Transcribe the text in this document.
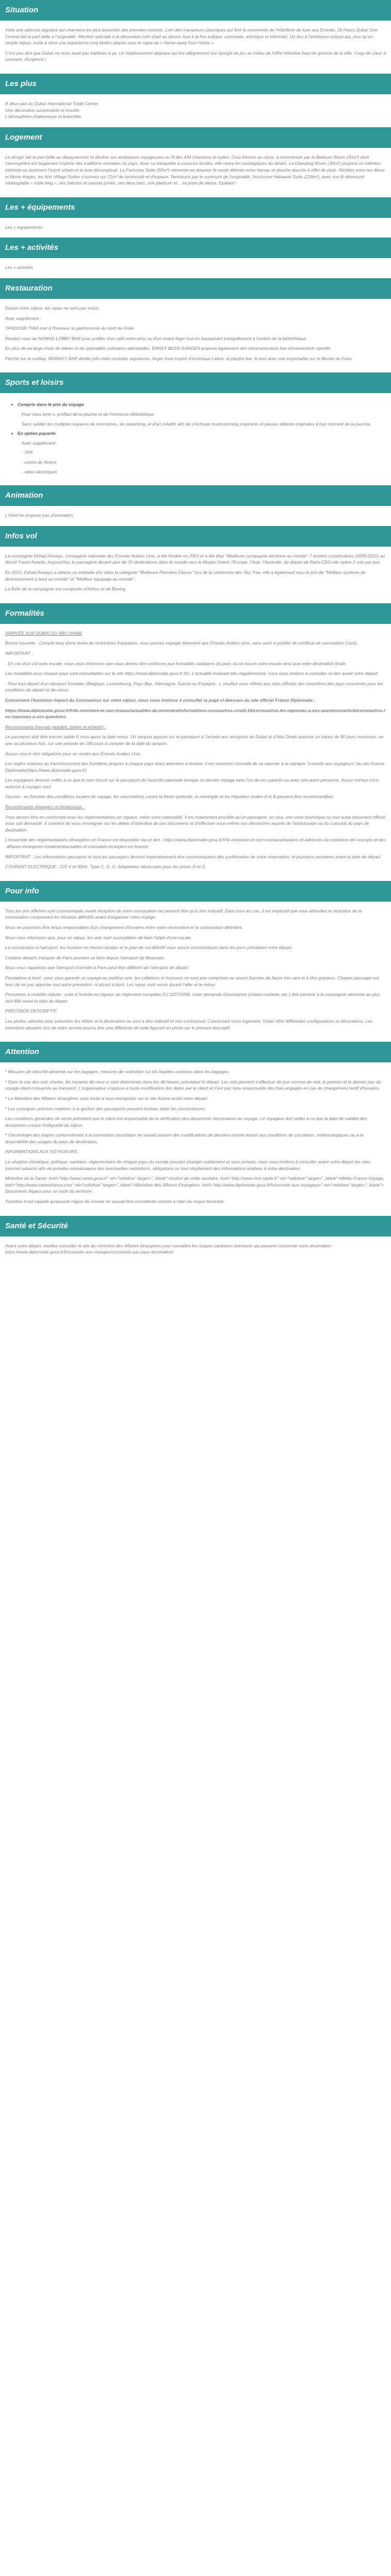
Situation

Voilà une adresse atypique qui charmera les plus branchés des premiers instants. Loin des marqueurs classiques qui font la renommée de l'hôtellerie de luxe aux Émirats, 25 Hours Dubaï One Central fait la part belle à l'originalité. Mention spéciale à la décoration (clin d'œil au désert, tout à la fois ludique, conviviale, artistique et intimiste). Un lieu à l'ambiance unique qui, plus qu'un simple séjour, invite à vivre une expérience cinq étoiles placée sous le signe du « Home away from Home ».

C'est peu dire que Dubaï ne nous avait pas habitués à ça. Un établissement atypique qui tire allègrement son épingle du jeu au milieu de l'offre hôtelière haut de gamme de la ville. Coup de cœur à savourer, d'urgence !

Les plus
À deux pas du Dubaï International Trade Center
Une décoration surprenante et insolite
L'atmosphère chaleureuse et branchée
Logement

Le design fait la part belle au dépaysement et décline ses ambiances voyageuses au fil des 434 chambres et suites. Cinq thèmes au choix, à commencer par le Bedouin Room (30m²) dont l'atmosphère est largement inspirée des traditions nomades du pays. Avec sa banquette à coussins brodés, elle ravira les nostalgiques du désert. La Glamping Room (30m²) propose un intérieur intimiste où dominent l'esprit urbain et le luxe décomplexé. La Farmstay Suite (50m²) réinvente en douceur le mode détente entre hamac et douche douche à effet de pluie. Nichées entre les 4ème et 6ème étages, les Arts Village Suites s'ouvrent sur 72m² de luminosité et d'espace. Terminons par le summum de l'originalité, l'exclusive Hakawati Suite (228m²), avec son lit démesuré rotatingtable « triple king », ses balcons et saunas privés, ses deux bars, son platinum et... sa piste de danse. Epatant !

Les + équipements
Les + équipements
Les + activités
Les + activités
Restauration

Durant votre séjour, les repas ne sont pas inclus.

Avec supplément :

TANDOOR TIWA met à l'honneur la gastronomie du nord de l'Inde.

Rendez-vous au NOMAD LOBBY BAR pour profiter d'un café entre amis ou d'un snack léger tout en bouquinant tranquillement à l'ombre de la bibliothèque.

En plus de sa large choix de bières et de spécialités culinaires allemandes, ERNST BEER GARDEN propose également des retransmissions live d'événements sportifs.

Perché sur le rooftop, MONKEY BAR distille jolis mélo cocktails signatures, finger food inspiré d'Amérique Latine, et playlist live, le tout avec vue imprenable sur le Musée du Futur.

Sports et loisirs
• Compris dans le prix du voyage
Pour vous tonir-s, profitez de la piscine et de l'immense bibliothèque.
Sans oublier les multiples espaces de rencontres, de coworking, et d'art créatifs afin de s'échouer brainstorming inspirants et passes détente originales à tout moment de la journée.
• En option payante
Avec supplément :
- SPA
- centre de fitness
- vélos électriques
Animation
L'hôtel ne propose pas d'animation.
Infos vol

La compagnie Etihad Airways, compagnie nationale des Émirats Arabes Unis, a été fondée en 2003 et a été élue "Meilleure compagnie aérienne au monde" 7 années consécutives (2009-2015) au World Travel Awards. Aujourd'hui, le passagère devant plus de 70 destinations dans le monde vers le Moyen Orient, l'Europe, l'Asie, l'Australie, du départ de Paris-CDG elle opère 2 vols par jour.

En 2015, Etihad Airways a obtenu sa médaille d'or dans la catégorie "Meilleure Première Classe" lors de la cérémonie des Sky Trax, elle a également reçu le prix de "Meilleur système de divertissement à bord au monde" et "Meilleur équipage au monde".

La flotte de la compagnie est composée d'Airbus et de Boeing.

Formalités

ARRIVÉE SUR DUBAÏ OU ABU DHABI

Bonne nouvelle : Compte tenu d'une levée de restrictions françaises, vous pouvez voyager librement aux Émirats Arabes Unis, sans avoir à justifier de certificat de vaccination Covid.

IMPORTANT :

- En cas d'un vol avec escale, nous vous informons que vous devrez être conforme aux formalités sanitaires du pays où se trouve votre escale ainsi que votre destination finale.

Les modalités pour chaque pays sont consultables sur le site https://www.diplomatie.gouv.fr (fr). L'actualité évoluant très régulièrement, nous vous invitons à consulter ce lien avant votre départ.

- Pour tout départ d'un aéroport frontalier (Belgique, Luxembourg, Pays-Bas, Allemagne, Suisse ou Espagne...), veuillez vous référer aux sites officiels des ministères des pays concernés pour les conditions de départ et de retour.

Concernant l'évolution impact du Coronavirus sur votre séjour, nous vous invitons à consulter la page ci-dessous du site officiel France Diplomatie :

https://www.diplomatie.gouv.fr/fr/le-ministere-et-son-reseau/actualites-du-ministere/informations-coronavirus-covid-19/coronavirus-les-reponses-a-vos-questions/article/coronavirus-les-reponses-a-vos-questions

Ressortissants français (adultes, bébés et enfants) :

Le passeport doit être encore valide 6 mois après la date retour. Un tampon apposé sur le passeport à l'arrivée aux aéroports de Dubaï et d'Abu Dhabi autorise un séjour de 90 jours maximum, en une ou plusieurs fois, sur une période de 180 jours à compter de la date du tampon.

Aucun visa in-ritol obligatoire pour se rendre aux Émirats Arabes Unis.

Les règles relatives au franchissement des frontières propres à chaque pays étant amenées à évoluer, il est vivement conseillé de se reporter à la rubrique "conseils aux voyageurs" du site France Diplomatie(https://www.diplomatie.gouv.fr)

Les voyageurs devront veiller à ce que le nom inscrit sur le passeport de l'autorité parentale lorsque ce dernier voyage sans l'un de ses parents ou avec une autre personne. Aucun mineur n'est autorisé à voyager seul.

Vaccins : en fonction des conditions locales de voyage, les vaccinations contre la fièvre typhoïde, la méningite et les hépatites virales A et B peuvent être recommandées.

Ressortissants étrangers et binationaux :

Vous devrez être en conformité avec les réglementations en vigueur, selon votre nationalité. Il est notamment possible qu'un passeport, un visa, une carte touristique ou tout autre document officiel vous soit demandé. Il convient de vous renseigner sur les délais d'obtention de ces documents et d'effectuer vous-même vos démarches auprès de l'ambassade ou du consulat du pays de destination.

L'ensemble des réglementations étrangères en France est disponible via ce lien : https://www.diplomatie.gouv.fr/fr/le-ministere-et-son-reseau/annuaires-et-adresses-du-ministere-de-l-europe-et-des-affaires-etrangeres-meae/ambassades-et-consulats-etrangers-en-france/

IMPORTANT : Les informations passeport et visa les passagers devront impérativement être communiquées dès confirmation de votre réservation, et plusieurs semaines avant la date de départ.

COURANT ELECTRIQUE : 220 V et 50Hz. Type C, G, G. Adaptateur nécessaire pour les prises D et G.

Pour info

Tous les prix affichés sont communiqués avant réception de votre convocation ne peuvent être qu'à titre indicatif. Dans tous les cas, il est impératif que vous attendiez la réception de la convocation comprenant les horaires définitifs avant d'organiser votre voyage.

Nous ne pourrions être tenus responsables d'un changement d'horaires entre votre réservation et la convocation définitive.

Nous vous informons que, pour ce séjour, les vols sont susceptibles de faire l'objet d'une escale.

La convocation à l'aéroport, les horaires en heures locales et le plan de vol définitif vous seront communiqués dans les jours précédant votre départ.

Certains départs tranquils de Paris peuvent se faire depuis l'aéroport de Beauvais.

Nous vous rappelons que l'aéroport d'arrivée à Paris peut être différent de l'aéroport de départ.

Prestations à bord : pour vous garantir un voyage au meilleur prix, les collations et boissons ne sont pas comprises ou seront fournies de façon très rare et à titre gracieux. Chaque passager est tenu de ne pas apporter tout autre prestation, ni alcool à bord. Les repas sont servis durant l'aller et le retour.

Personnes à mobilité réduite : suite à l'entrée en vigueur du règlement européen EU 1107/2006, toute demande d'assistance (chaise roulante, etc.) doit parvenir à la compagnie aérienne au plus tard 48h avant la date de départ.

PRÉCISION DESCRIPTIF

Les photos utilisées pour présenter les hôtels et la destination ne sont à titre indicatif et non contractuel. Concernant votre logement, l'hôtel offre différentes configurations et décorations. Les chambres allouées lors de votre arrivée pourra être une différente de celle figurant en photo sur le présent descriptif.

Attention

* Mesures de sécurité aérienne sur les bagages: mesures de restriction sur les liquides contenus dans les bagages.

* Dans le cas des vols charter, les horaires de ceux-ci sont déterminés dans les 48 heures précédant le départ. Les vols peuvent s'effectuer de jour comme de nuit, le premier et le dernier jour du voyage étant consacrés au transport. L'organisateur s'oppose à toute modification des dates par le client et n'est pas tenu responsable des frais engagés en cas de changement tardif d'horaires.

* Le Ministère des Affaires étrangères vous invite à vous enregistrer sur le site Ariane avant votre départ.

* Les consignes précises relatives à la gestion des passeports peuvent évoluer selon les circonstances.

Les conditions générales de vente prévoient que le client est responsable de la vérification des documents nécessaires au voyage. Le voyageur doit veiller à ce que la date de validité des documents couvre l'intégralité du séjour.

* Chronologie des étapes conformément à la convention touristique ne saurait exclure des modifications de dernière minute tenant aux conditions de circulation, météorologiques ou à la disponibilité des usages du pays de destination.

INFORMATIONS AUX VOYAGEURS :

La situation climatique, politique, sanitaire, réglementaire de chaque pays du monde pouvant changer subitement et sans préavis, nous vous invitons à consulter avant votre départ les sites Internet suivants afin de prendre connaissance des éventuelles restrictions, obligations ou tout simplement des informations relatives à votre destination.

Ministère de la Santé: href="http://www.sante.gouv.fr" rel="nofollow" target="_blank">Institut de veille sanitaire, href="http://www.invs.sante.fr" rel="nofollow" target="_blank">Météo France Voyage, href="http://www.meteofrance.com" rel="nofollow" target="_blank">Ministère des Affaires Etrangères, href="http://www.diplomatie.gouv.fr/fr/conseils-aux-voyageurs" rel="nofollow" target="_blank">Documents légaux pour se sortir du territoire.

Toutefois il est rappelé qu'aucune région du monde ne saurait être considérée comme à l'abri du risque terroriste.

Santé et Sécurité

Avant votre départ, veuillez consulter le site du ministère des Affaires étrangères pour connaître les risques sanitaires éventuels qui peuvent concerner votre destination : https://www.diplomatie.gouv.fr/fr/conseils-aux-voyageurs/conseils-par-pays-destination/
